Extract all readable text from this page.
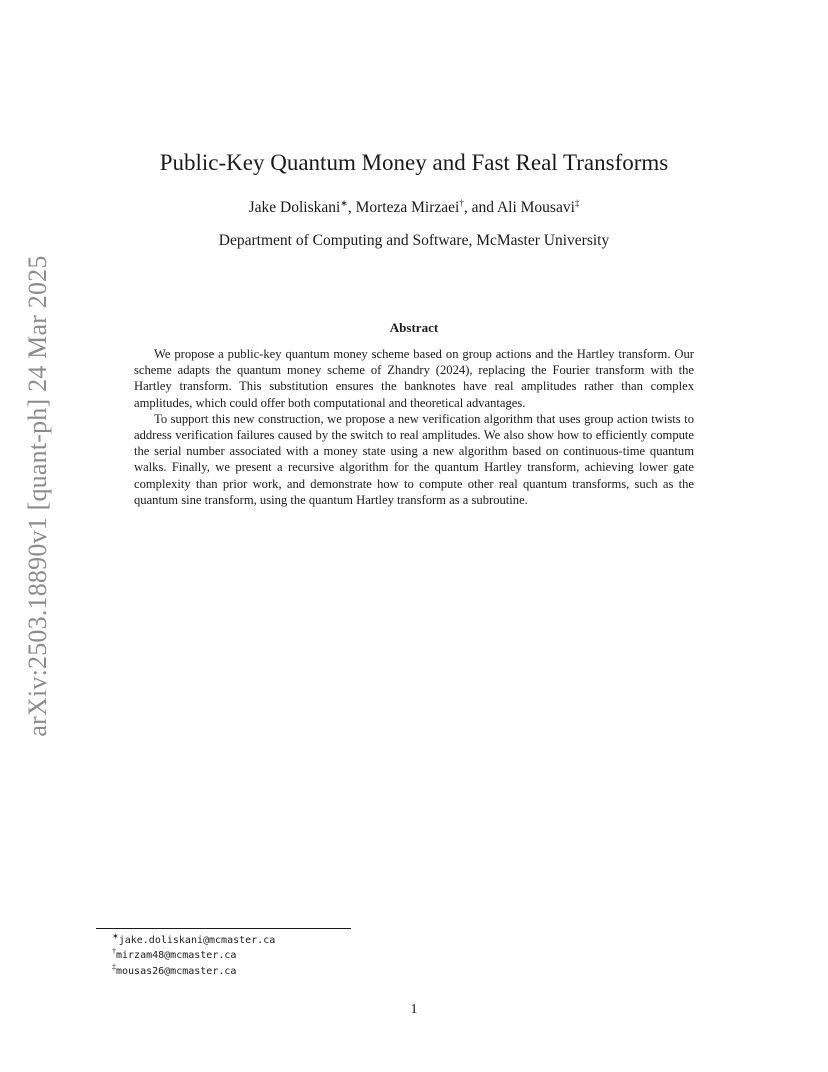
arXiv:2503.18890v1 [quant-ph] 24 Mar 2025
Public-Key Quantum Money and Fast Real Transforms
Jake Doliskani∗, Morteza Mirzaei†, and Ali Mousavi‡
Department of Computing and Software, McMaster University
Abstract

We propose a public-key quantum money scheme based on group actions and the Hartley transform. Our scheme adapts the quantum money scheme of Zhandry (2024), replacing the Fourier transform with the Hartley transform. This substitution ensures the banknotes have real amplitudes rather than complex amplitudes, which could offer both computational and theoretical advantages.

To support this new construction, we propose a new verification algorithm that uses group action twists to address verification failures caused by the switch to real amplitudes. We also show how to efficiently compute the serial number associated with a money state using a new algorithm based on continuous-time quantum walks. Finally, we present a recursive algorithm for the quantum Hartley transform, achieving lower gate complexity than prior work, and demonstrate how to compute other real quantum transforms, such as the quantum sine transform, using the quantum Hartley transform as a subroutine.

∗jake.doliskani@mcmaster.ca
†mirzam48@mcmaster.ca
‡mousas26@mcmaster.ca
1
